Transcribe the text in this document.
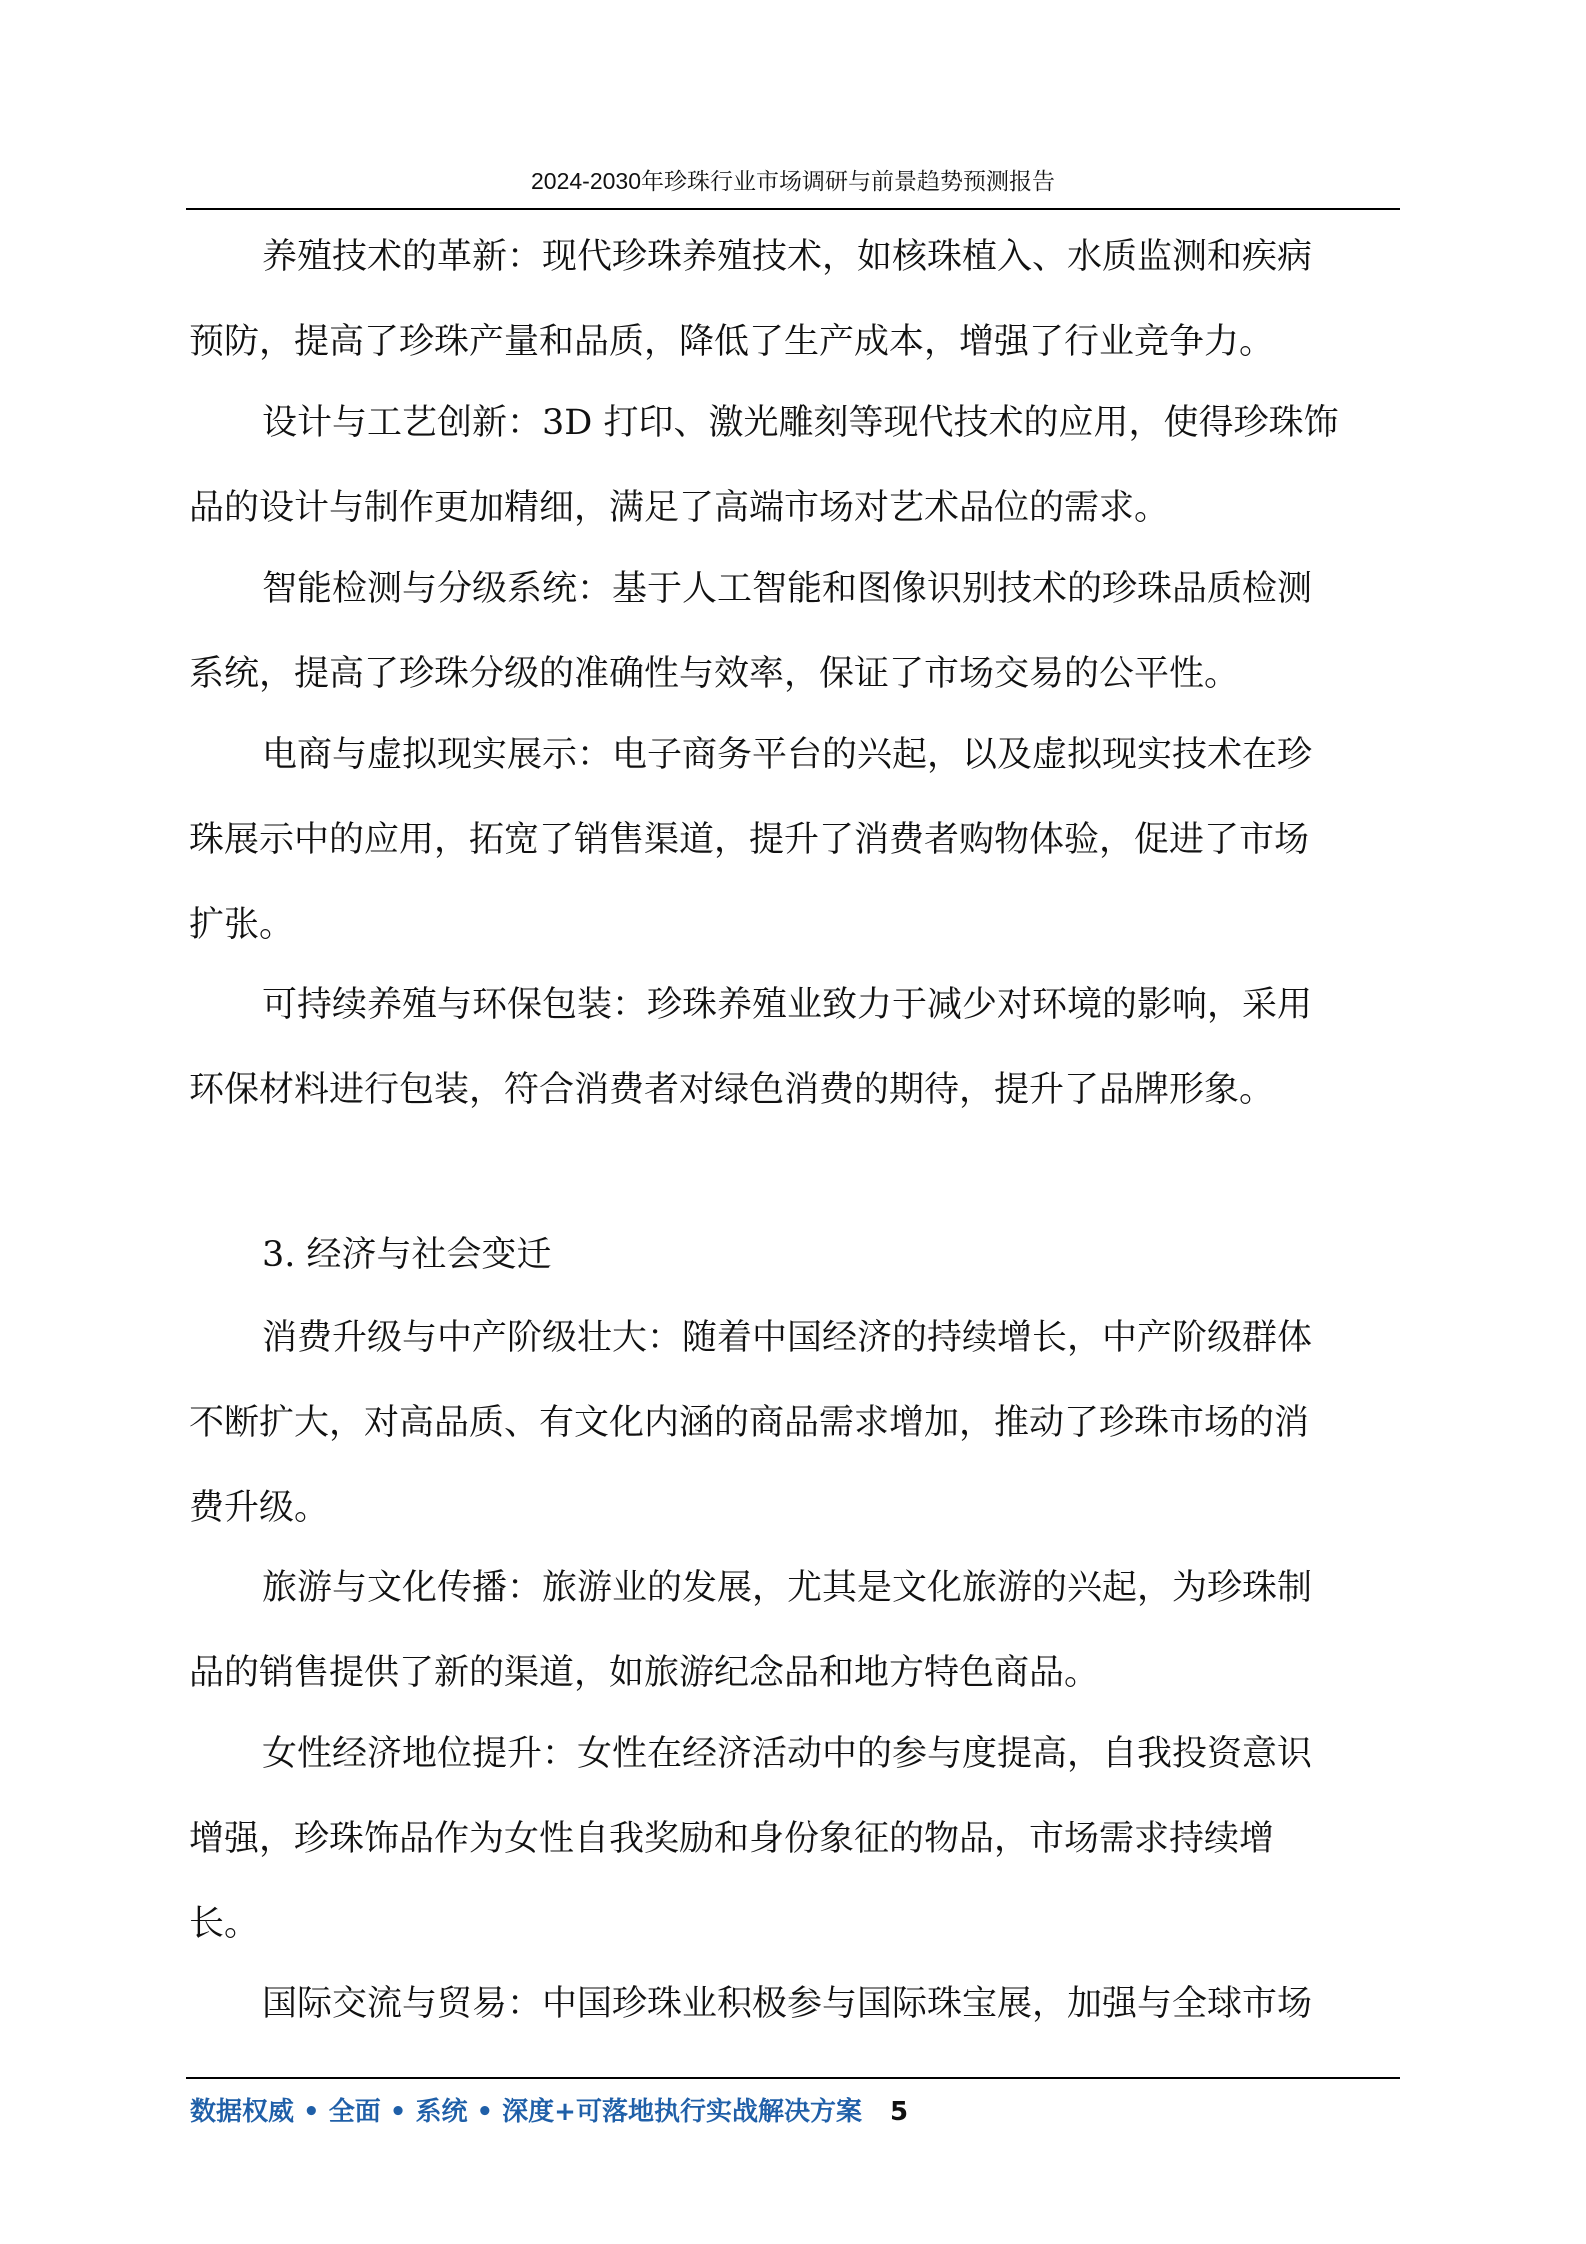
2024-2030年珍珠行业市场调研与前景趋势预测报告
养殖技术的革新：现代珍珠养殖技术，如核珠植入、水质监测和疾病
预防，提高了珍珠产量和品质，降低了生产成本，增强了行业竞争力。
设计与工艺创新：3D 打印、激光雕刻等现代技术的应用，使得珍珠饰
品的设计与制作更加精细，满足了高端市场对艺术品位的需求。
智能检测与分级系统：基于人工智能和图像识别技术的珍珠品质检测
系统，提高了珍珠分级的准确性与效率，保证了市场交易的公平性。
电商与虚拟现实展示：电子商务平台的兴起，以及虚拟现实技术在珍
珠展示中的应用，拓宽了销售渠道，提升了消费者购物体验，促进了市场
扩张。
可持续养殖与环保包装：珍珠养殖业致力于减少对环境的影响，采用
环保材料进行包装，符合消费者对绿色消费的期待，提升了品牌形象。
3. 经济与社会变迁
消费升级与中产阶级壮大：随着中国经济的持续增长，中产阶级群体
不断扩大，对高品质、有文化内涵的商品需求增加，推动了珍珠市场的消
费升级。
旅游与文化传播：旅游业的发展，尤其是文化旅游的兴起，为珍珠制
品的销售提供了新的渠道，如旅游纪念品和地方特色商品。
女性经济地位提升：女性在经济活动中的参与度提高，自我投资意识
增强，珍珠饰品作为女性自我奖励和身份象征的物品，市场需求持续增
长。
国际交流与贸易：中国珍珠业积极参与国际珠宝展，加强与全球市场
数据权威 • 全面 • 系统 • 深度+可落地执行实战解决方案 5
